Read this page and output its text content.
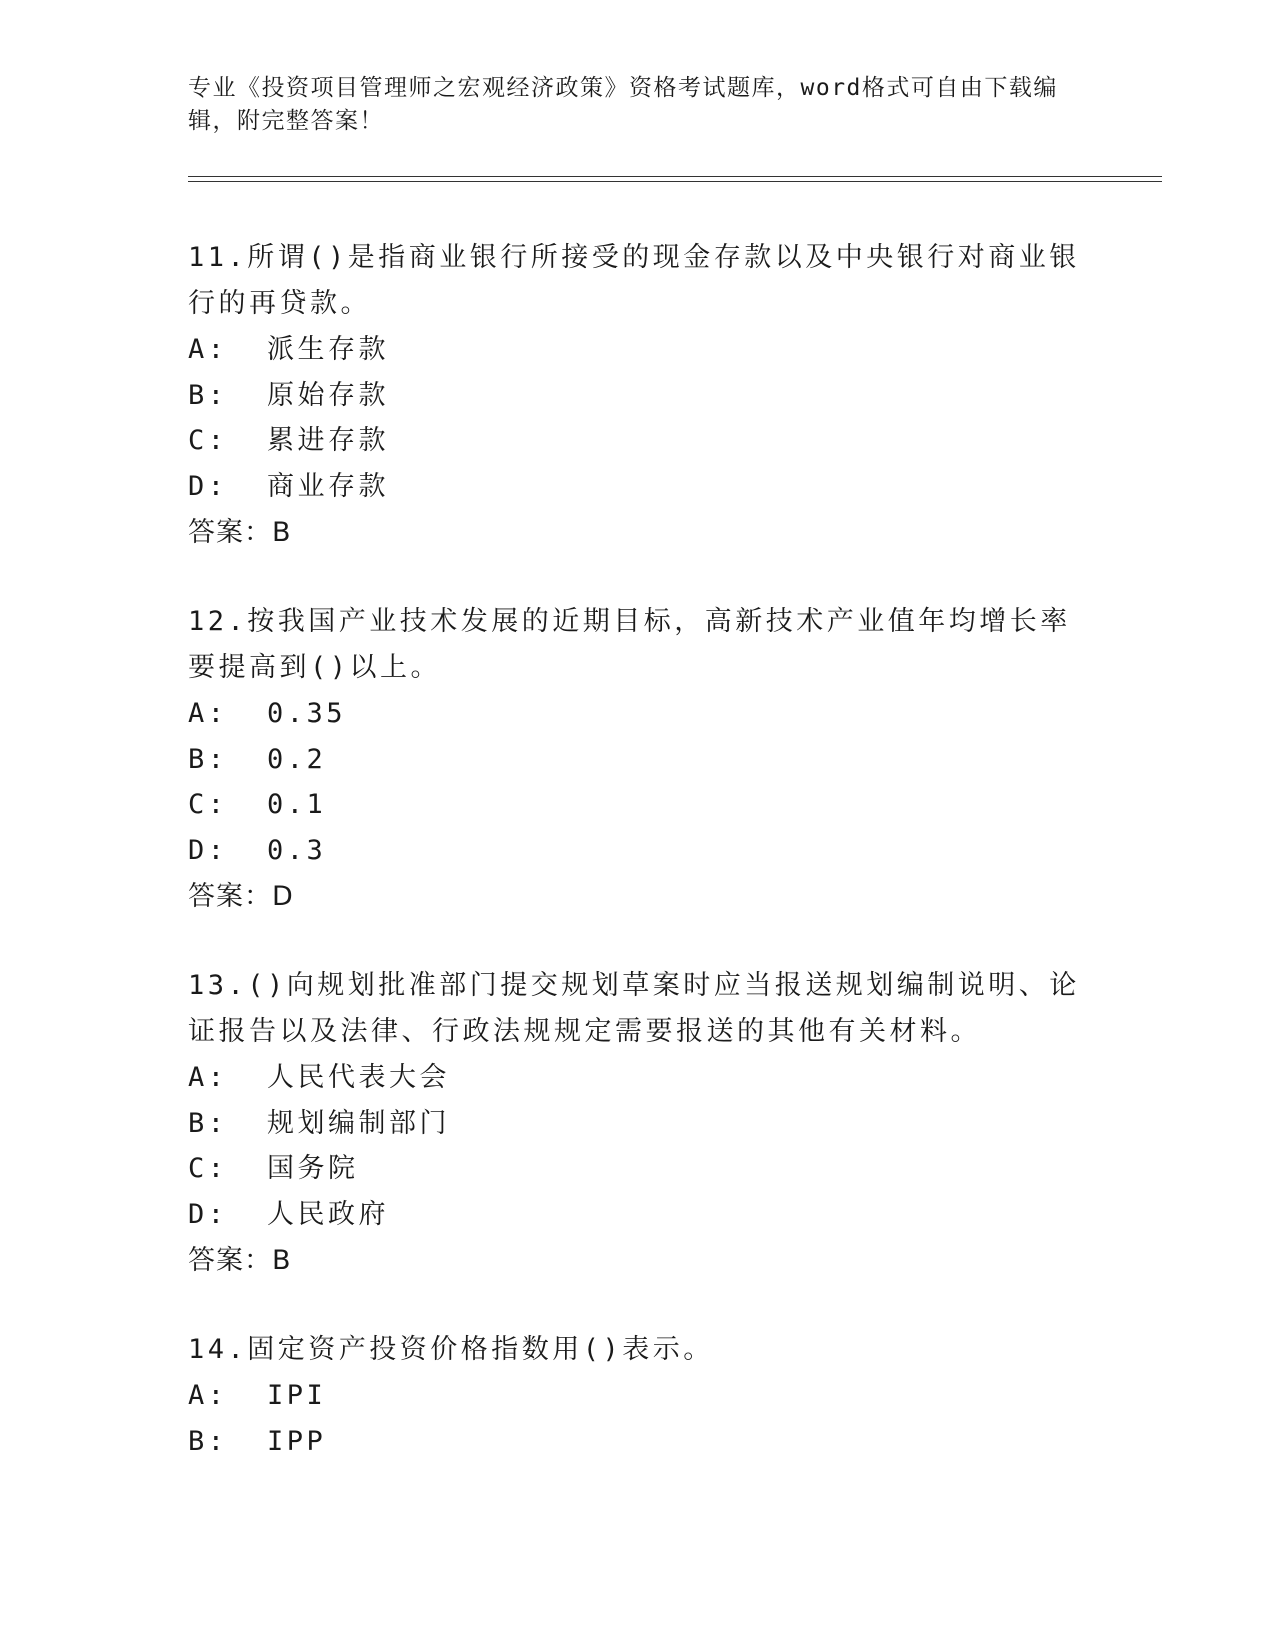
专业《投资项目管理师之宏观经济政策》资格考试题库，word格式可自由下载编
辑，附完整答案！
11.所谓()是指商业银行所接受的现金存款以及中央银行对商业银行的再贷款。
A:  派生存款
B:  原始存款
C:  累进存款
D:  商业存款
答案：B
12.按我国产业技术发展的近期目标，高新技术产业值年均增长率要提高到()以上。
A:  0.35
B:  0.2
C:  0.1
D:  0.3
答案：D
13.()向规划批准部门提交规划草案时应当报送规划编制说明、论证报告以及法律、行政法规规定需要报送的其他有关材料。
A:  人民代表大会
B:  规划编制部门
C:  国务院
D:  人民政府
答案：B
14.固定资产投资价格指数用()表示。
A:  IPI
B:  IPP
